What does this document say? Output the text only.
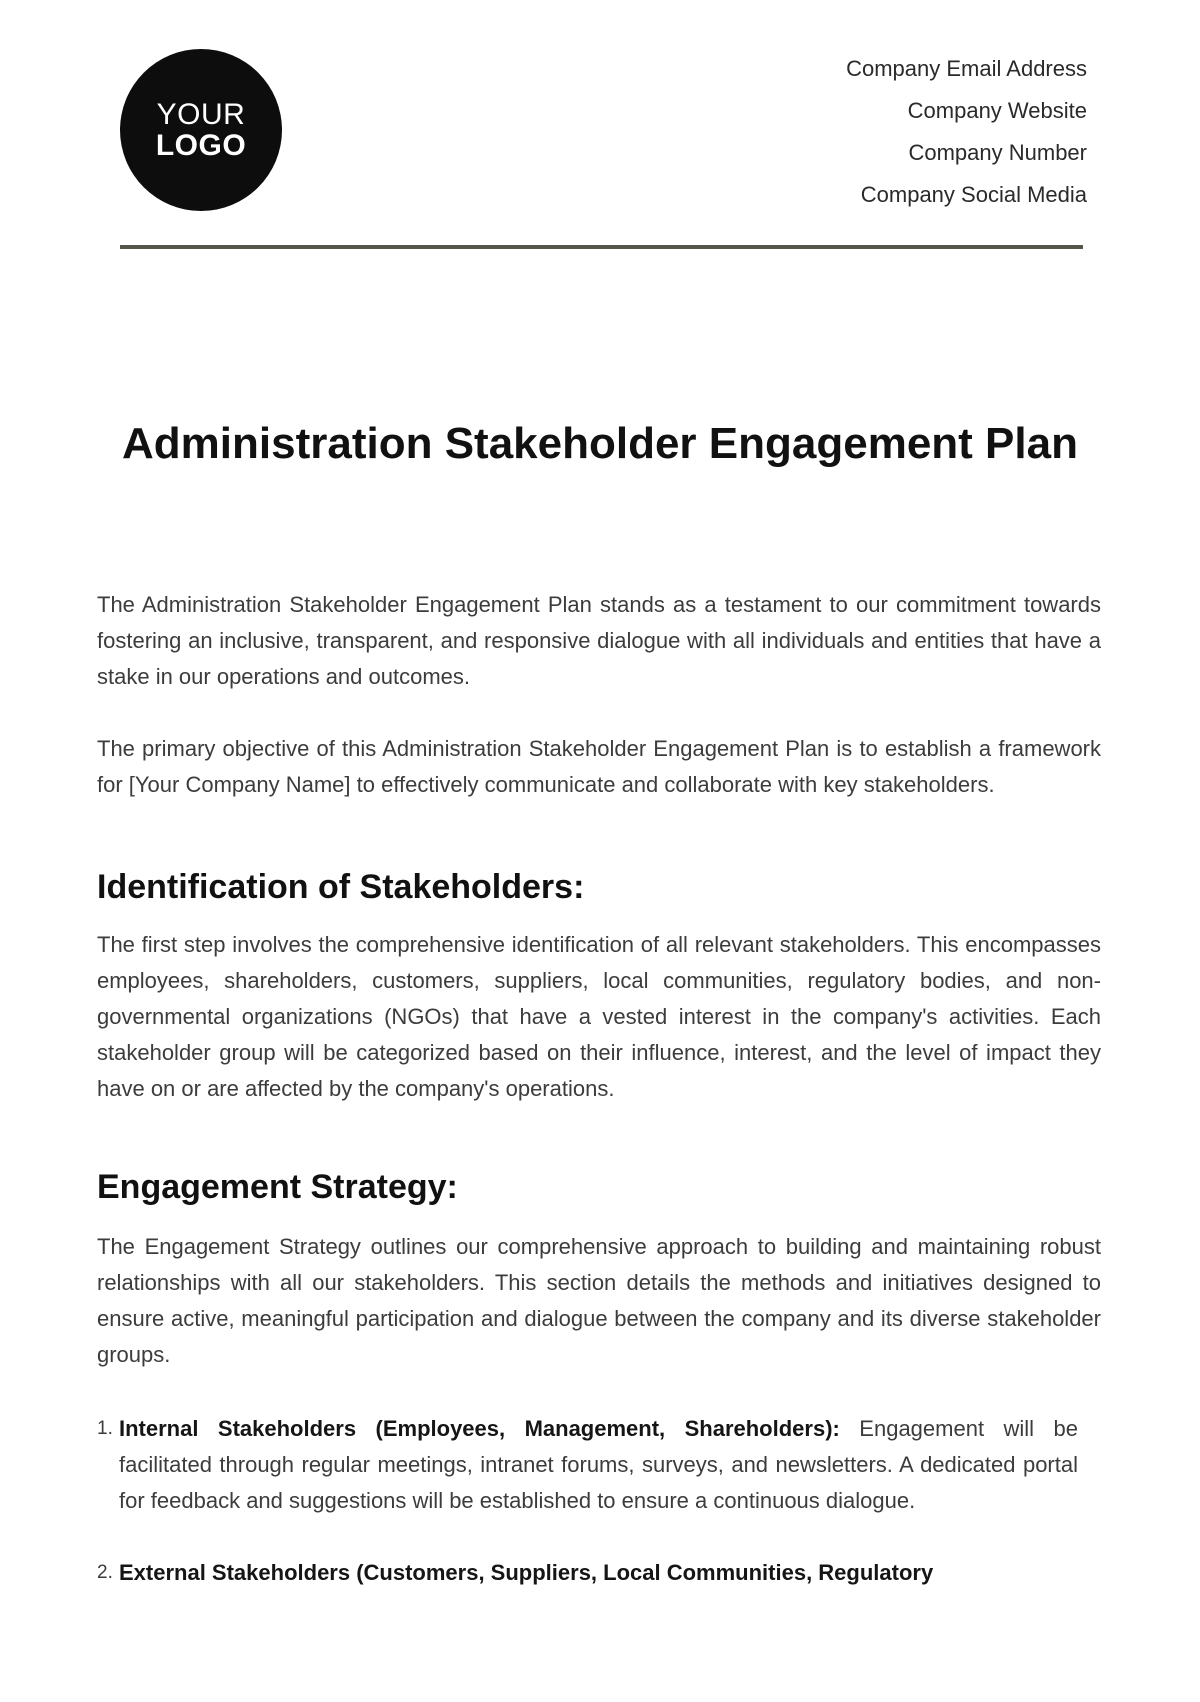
YOUR
LOGO
Company Email Address
Company Website
Company Number
Company Social Media
Administration Stakeholder Engagement Plan

The Administration Stakeholder Engagement Plan stands as a testament to our commitment towards fostering an inclusive, transparent, and responsive dialogue with all individuals and entities that have a stake in our operations and outcomes.

The primary objective of this Administration Stakeholder Engagement Plan is to establish a framework for [Your Company Name] to effectively communicate and collaborate with key stakeholders.

Identification of Stakeholders:

The first step involves the comprehensive identification of all relevant stakeholders. This encompasses employees, shareholders, customers, suppliers, local communities, regulatory bodies, and non-governmental organizations (NGOs) that have a vested interest in the company's activities. Each stakeholder group will be categorized based on their influence, interest, and the level of impact they have on or are affected by the company's operations.

Engagement Strategy:

The Engagement Strategy outlines our comprehensive approach to building and maintaining robust relationships with all our stakeholders. This section details the methods and initiatives designed to ensure active, meaningful participation and dialogue between the company and its diverse stakeholder groups.

1. Internal Stakeholders (Employees, Management, Shareholders): Engagement will be facilitated through regular meetings, intranet forums, surveys, and newsletters. A dedicated portal for feedback and suggestions will be established to ensure a continuous dialogue.
2. External Stakeholders (Customers, Suppliers, Local Communities, Regulatory
